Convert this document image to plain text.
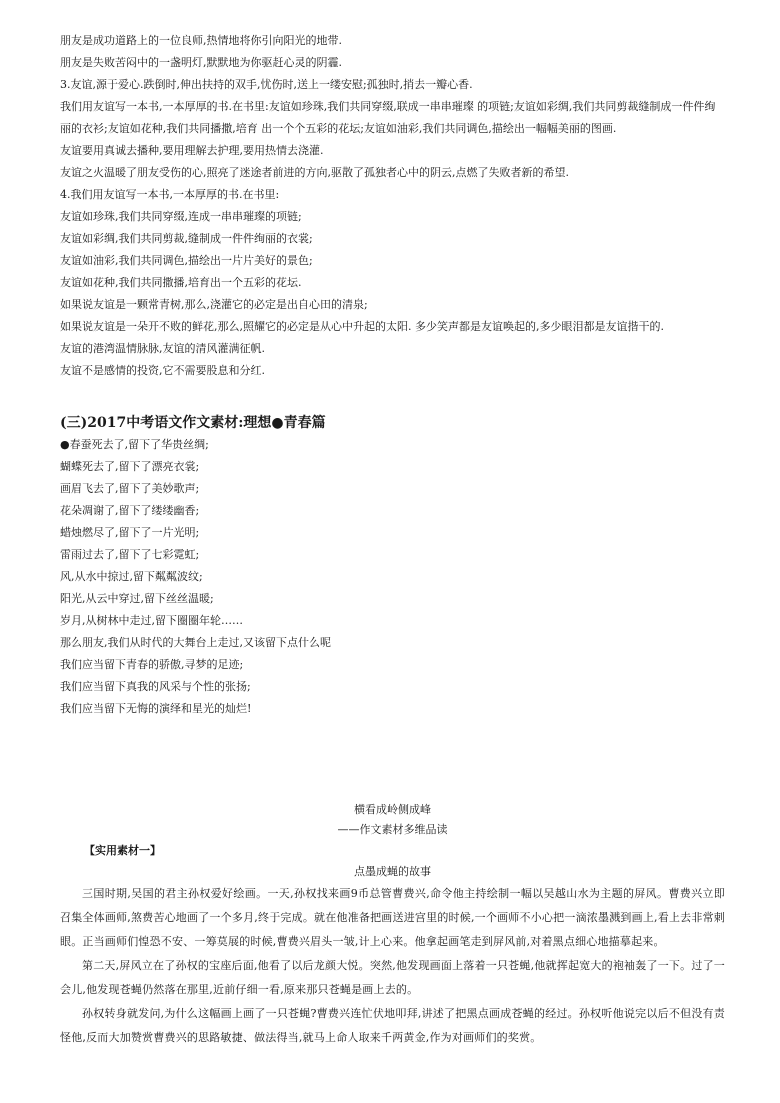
朋友是成功道路上的一位良师,热情地将你引向阳光的地带.

朋友是失败苦闷中的一盏明灯,默默地为你驱赶心灵的阴霾.

3.友谊,源于爱心.跌倒时,伸出扶持的双手,忧伤时,送上一缕安慰;孤独时,捎去一瓣心香.

我们用友谊写一本书,一本厚厚的书.在书里:友谊如珍珠,我们共同穿缀,联成一串串璀璨 的项链;友谊如彩绸,我们共同剪裁缝制成一件件绚丽的衣衫;友谊如花种,我们共同播撒,培育 出一个个五彩的花坛;友谊如油彩,我们共同调色,描绘出一幅幅美丽的图画.

友谊要用真诚去播种,要用理解去护理,要用热情去浇灌.

友谊之火温暖了朋友受伤的心,照亮了迷途者前进的方向,驱散了孤独者心中的阴云,点燃了失败者新的希望.

4.我们用友谊写一本书,一本厚厚的书.在书里:

友谊如珍珠,我们共同穿缀,连成一串串璀璨的项链;

友谊如彩绸,我们共同剪裁,缝制成一件件绚丽的衣裳;

友谊如油彩,我们共同调色,描绘出一片片美好的景色;

友谊如花种,我们共同撒播,培育出一个五彩的花坛.

如果说友谊是一颗常青树,那么,浇灌它的必定是出自心田的清泉;

如果说友谊是一朵开不败的鲜花,那么,照耀它的必定是从心中升起的太阳. 多少笑声都是友谊唤起的,多少眼泪都是友谊揩干的.

友谊的港湾温情脉脉,友谊的清风灌满征帆.

友谊不是感情的投资,它不需要股息和分红.

(三)2017中考语文作文素材:理想●青春篇

●春蚕死去了,留下了华贵丝绸;

蝴蝶死去了,留下了漂亮衣裳;

画眉飞去了,留下了美妙歌声;

花朵凋谢了,留下了缕缕幽香;

蜡烛燃尽了,留下了一片光明;

雷雨过去了,留下了七彩霓虹;

风,从水中掠过,留下粼粼波纹;

阳光,从云中穿过,留下丝丝温暖;

岁月,从树林中走过,留下圈圈年轮……

那么朋友,我们从时代的大舞台上走过,又该留下点什么呢

我们应当留下青春的骄傲,寻梦的足迹;

我们应当留下真我的风采与个性的张扬;

我们应当留下无悔的演绎和星光的灿烂!

横看成岭侧成峰

——作文素材多维品读

【实用素材一】

点墨成蝇的故事

三国时期,吴国的君主孙权爱好绘画。一天,孙权找来画9币总管曹费兴,命令他主持绘制一幅以吴越山水为主题的屏风。曹费兴立即召集全体画师,煞费苦心地画了一个多月,终于完成。就在他准备把画送进宫里的时候,一个画师不小心把一滴浓墨溅到画上,看上去非常刺眼。正当画师们惶恐不安、一筹莫展的时候,曹费兴眉头一皱,计上心来。他拿起画笔走到屏风前,对着黑点细心地描摹起来。

第二天,屏风立在了孙权的宝座后面,他看了以后龙颜大悦。突然,他发现画面上落着一只苍蝇,他就挥起宽大的袍袖轰了一下。过了一会儿,他发现苍蝇仍然落在那里,近前仔细一看,原来那只苍蝇是画上去的。

孙权转身就发问,为什么这幅画上画了一只苍蝇?曹费兴连忙伏地叩拜,讲述了把黑点画成苍蝇的经过。孙权听他说完以后不但没有责怪他,反而大加赞赏曹费兴的思路敏捷、做法得当,就马上命人取来千两黄金,作为对画师们的奖赏。
